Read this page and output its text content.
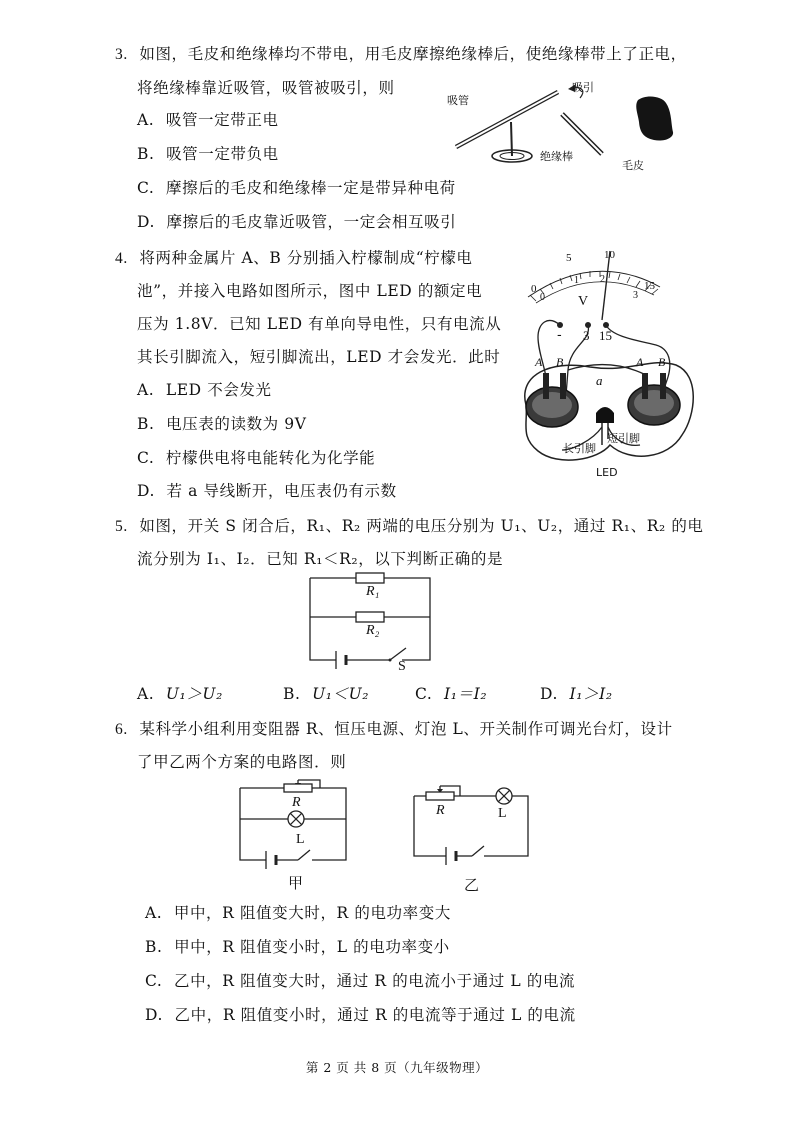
3. 如图，毛皮和绝缘棒均不带电，用毛皮摩擦绝缘棒后，使绝缘棒带上了正电，
将绝缘棒靠近吸管，吸管被吸引，则
A. 吸管一定带正电
B. 吸管一定带负电
C. 摩擦后的毛皮和绝缘棒一定是带异种电荷
D. 摩擦后的毛皮靠近吸管，一定会相互吸引
吸管
吸引
绝缘棒
毛皮
4. 将两种金属片 A、B 分别插入柠檬制成“柠檬电
池”，并接入电路如图所示，图中 LED 的额定电
压为 1.8V．已知 LED 有单向导电性，只有电流从
其长引脚流入，短引脚流出，LED 才会发光．此时
A. LED 不会发光
B. 电压表的读数为 9V
C. 柠檬供电将电能转化为化学能
D. 若 a 导线断开，电压表仍有示数
0
5	10
15
0
1 2
3
V
- 3 15
A B	A B
a
长引脚
短引脚
LED
5. 如图，开关 S 闭合后，R₁、R₂ 两端的电压分别为 U₁、U₂，通过 R₁、R₂ 的电
流分别为 I₁、I₂．已知 R₁＜R₂，以下判断正确的是
R₁
R₂
S
A. U₁＞U₂	B. U₁＜U₂	C. I₁＝I₂	D. I₁＞I₂
6. 某科学小组利用变阻器 R、恒压电源、灯泡 L、开关制作可调光台灯，设计
了甲乙两个方案的电路图．则
R
L
甲
R	L
乙
A. 甲中，R 阻值变大时，R 的电功率变大
B. 甲中，R 阻值变小时，L 的电功率变小
C. 乙中，R 阻值变大时，通过 R 的电流小于通过 L 的电流
D. 乙中，R 阻值变小时，通过 R 的电流等于通过 L 的电流
第 2 页 共 8 页（九年级物理）
